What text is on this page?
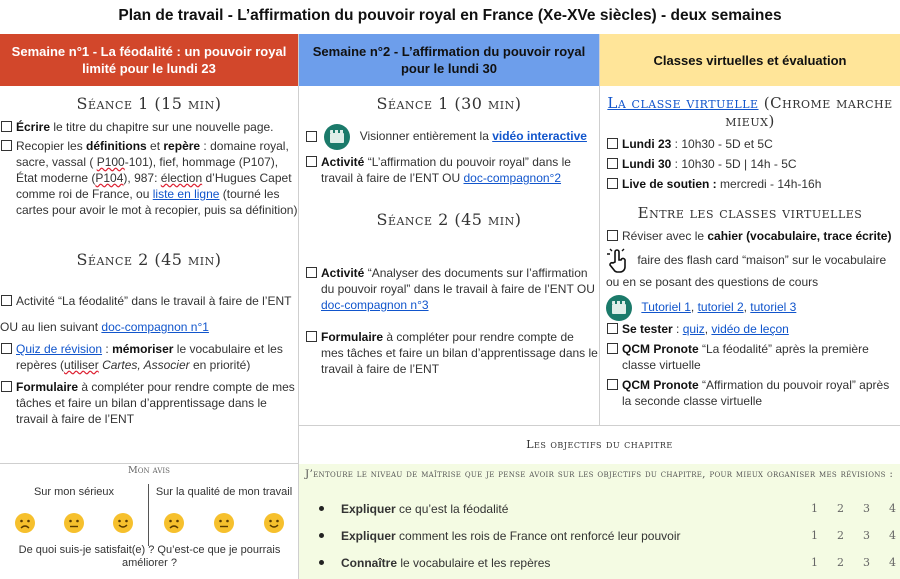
Plan de travail - L’affirmation du pouvoir royal en France (Xe-XVe siècles) - deux semaines
Semaine n°1 - La féodalité : un pouvoir royal limité pour le lundi 23
Séance 1 (15 min)
Écrire le titre du chapitre sur une nouvelle page.
Recopier les définitions et repère : domaine royal, sacre, vassal ( P100-101), fief, hommage (P107), État moderne (P104), 987: élection d’Hugues Capet comme roi de France, ou liste en ligne (tourné les cartes pour avoir le mot à recopier, puis sa définition)
Séance 2 (45 min)
Activité “La féodalité” dans le travail à faire de l’ENT
OU au lien suivant doc-compagnon n°1
Quiz de révision : mémoriser le vocabulaire et les repères (utiliser Cartes, Associer en priorité)
Formulaire à compléter pour rendre compte de mes tâches et faire un bilan d’apprentissage dans le travail à faire de l’ENT
Semaine n°2 - L’affirmation du pouvoir royal pour le lundi 30
Séance 1 (30 min)
Visionner entièrement la vidéo interactive
Activité “L’affirmation du pouvoir royal” dans le travail à faire de l’ENT OU doc-compagnon°2
Séance 2 (45 min)
Activité “Analyser des documents sur l’affirmation du pouvoir royal” dans le travail à faire de l’ENT OU doc-compagnon n°3
Formulaire à compléter pour rendre compte de mes tâches et faire un bilan d’apprentissage dans le travail à faire de l’ENT
Classes virtuelles et évaluation
La classe virtuelle (Chrome marche mieux)
Lundi 23 : 10h30 - 5D et 5C
Lundi 30 : 10h30 - 5D | 14h - 5C
Live de soutien : mercredi - 14h-16h
Entre les classes virtuelles
Réviser avec le cahier (vocabulaire, trace écrite)
faire des flash card “maison” sur le vocabulaire ou en se posant des questions de cours
Tutoriel 1, tutoriel 2, tutoriel 3
Se tester : quiz, vidéo de leçon
QCM Pronote “La féodalité” après la première classe virtuelle
QCM Pronote “Affirmation du pouvoir royal” après la seconde classe virtuelle
Les objectifs du chapitre
J’entoure le niveau de maîtrise que je pense avoir sur les objectifs du chapitre, pour mieux organiser mes révisions :
Expliquer ce qu’est la féodalité	1 2 3 4
Expliquer comment les rois de France ont renforcé leur pouvoir	1 2 3 4
Connaître le vocabulaire et les repères	1 2 3 4
Mon avis
Sur mon sérieux	Sur la qualité de mon travail
De quoi suis-je satisfait(e) ? Qu’est-ce que je pourrais améliorer ?
